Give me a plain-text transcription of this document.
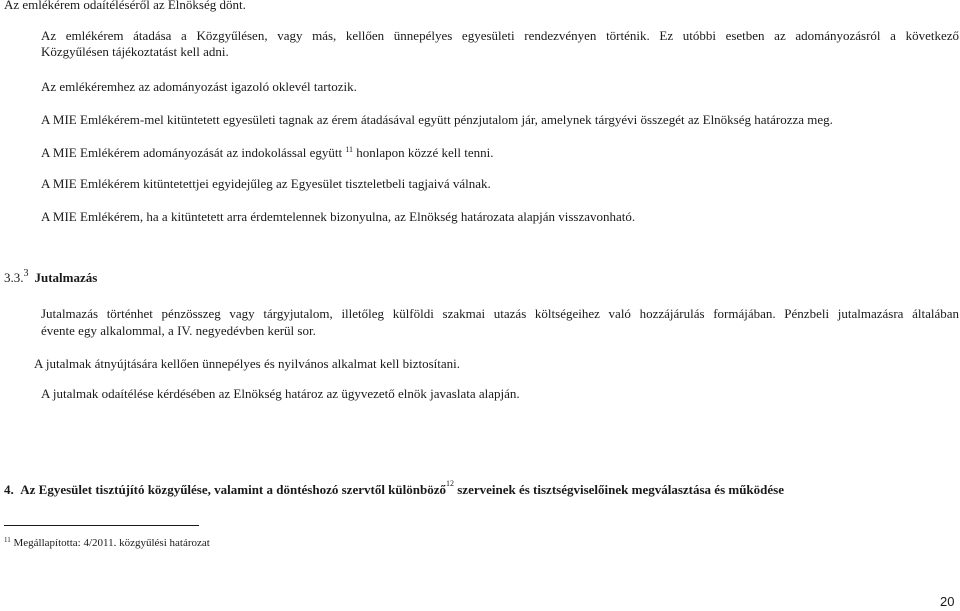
Az emlékérem odaítéléséről az Elnökség dönt.
Az emlékérem átadása a Közgyűlésen, vagy más, kellően ünnepélyes egyesületi rendezvényen történik. Ez utóbbi esetben az adományozásról a következő
Közgyűlésen tájékoztatást kell adni.
Az emlékéremhez az adományozást igazoló oklevél tartozik.
A MIE Emlékérem-mel kitüntetett egyesületi tagnak az érem átadásával együtt pénzjutalom jár, amelynek tárgyévi összegét az Elnökség határozza meg.
A MIE Emlékérem adományozását az indokolással együtt $^{11}$ honlapon közzé kell tenni.
A MIE Emlékérem kitüntetettjei egyidejűleg az Egyesület tiszteletbeli tagjaivá válnak.
A MIE Emlékérem, ha a kitüntetett arra érdemtelennek bizonyulna, az Elnökség határozata alapján visszavonható.
3.3.$^3$ Jutalmazás
Jutalmazás történhet pénzösszeg vagy tárgyjutalom, illetőleg külföldi szakmai utazás költségeihez való hozzájárulás formájában. Pénzbeli jutalmazásra általában
évente egy alkalommal, a IV. negyedévben kerül sor.
A jutalmak átnyújtására kellően ünnepélyes és nyilvános alkalmat kell biztosítani.
A jutalmak odaítélése kérdésében az Elnökség határoz az ügyvezető elnök javaslata alapján.
4. Az Egyesület tisztújító közgyűlése, valamint a döntéshozó szervtől különböző$^{12}$ szerveinek és tisztségviselőinek megválasztása és működése
$^{11}$ Megállapította: 4/2011. közgyűlési határozat
20
